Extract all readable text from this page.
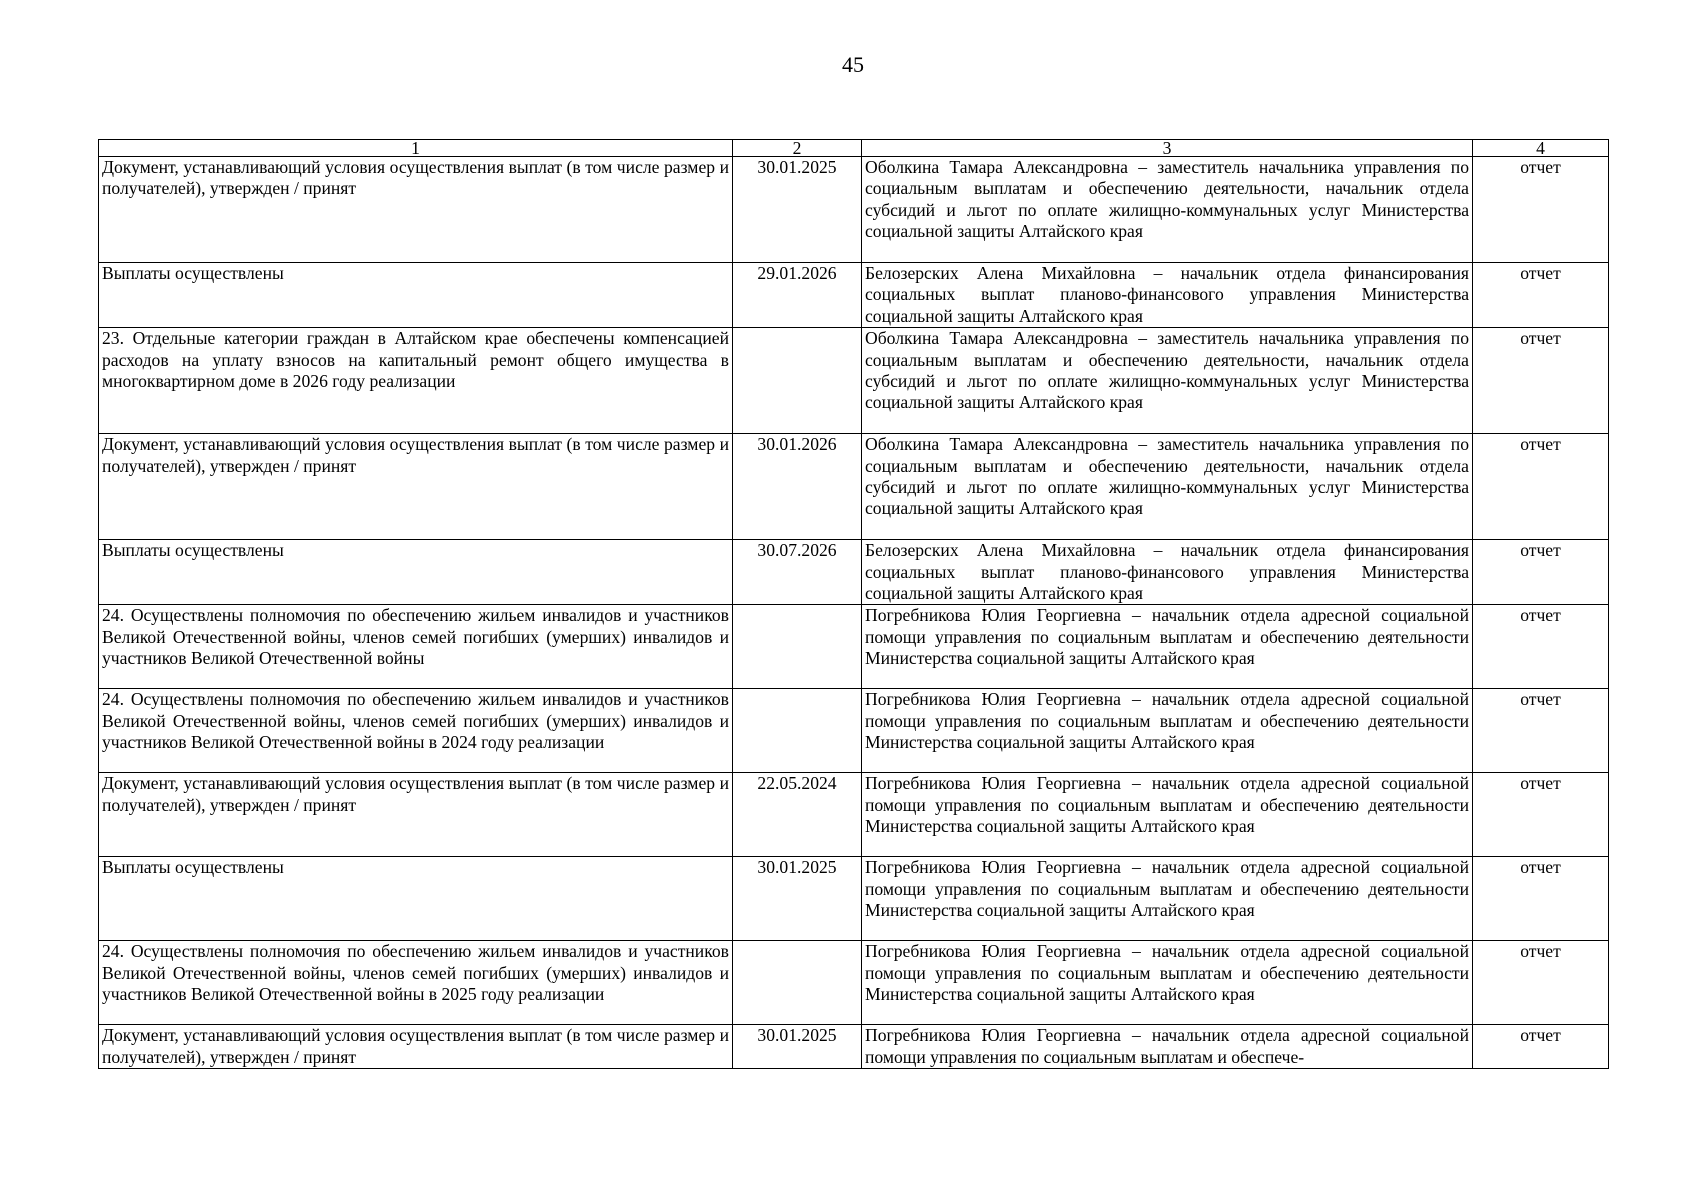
45
1	2	3	4
Документ, устанавливающий условия осуществления выплат (в том числе размер и получателей), утвержден / принят	30.01.2025	Оболкина Тамара Александровна – заместитель начальника управления по социальным выплатам и обеспечению деятельности, начальник отдела субсидий и льгот по оплате жилищно-коммунальных услуг Министерства социальной защиты Алтайского края	отчет
Выплаты осуществлены	29.01.2026	Белозерских Алена Михайловна – начальник отдела финансирования социальных выплат планово-финансового управления Министерства социальной защиты Алтайского края	отчет
23. Отдельные категории граждан в Алтайском крае обеспечены компенсацией расходов на уплату взносов на капитальный ремонт общего имущества в многоквартирном доме в 2026 году реализации		Оболкина Тамара Александровна – заместитель начальника управления по социальным выплатам и обеспечению деятельности, начальник отдела субсидий и льгот по оплате жилищно-коммунальных услуг Министерства социальной защиты Алтайского края	отчет
Документ, устанавливающий условия осуществления выплат (в том числе размер и получателей), утвержден / принят	30.01.2026	Оболкина Тамара Александровна – заместитель начальника управления по социальным выплатам и обеспечению деятельности, начальник отдела субсидий и льгот по оплате жилищно-коммунальных услуг Министерства социальной защиты Алтайского края	отчет
Выплаты осуществлены	30.07.2026	Белозерских Алена Михайловна – начальник отдела финансирования социальных выплат планово-финансового управления Министерства социальной защиты Алтайского края	отчет
24. Осуществлены полномочия по обеспечению жильем инвалидов и участников Великой Отечественной войны, членов семей погибших (умерших) инвалидов и участников Великой Отечественной войны		Погребникова Юлия Георгиевна – начальник отдела адресной социальной помощи управления по социальным выплатам и обеспечению деятельности Министерства социальной защиты Алтайского края	отчет
24. Осуществлены полномочия по обеспечению жильем инвалидов и участников Великой Отечественной войны, членов семей погибших (умерших) инвалидов и участников Великой Отечественной войны в 2024 году реализации		Погребникова Юлия Георгиевна – начальник отдела адресной социальной помощи управления по социальным выплатам и обеспечению деятельности Министерства социальной защиты Алтайского края	отчет
Документ, устанавливающий условия осуществления выплат (в том числе размер и получателей), утвержден / принят	22.05.2024	Погребникова Юлия Георгиевна – начальник отдела адресной социальной помощи управления по социальным выплатам и обеспечению деятельности Министерства социальной защиты Алтайского края	отчет
Выплаты осуществлены	30.01.2025	Погребникова Юлия Георгиевна – начальник отдела адресной социальной помощи управления по социальным выплатам и обеспечению деятельности Министерства социальной защиты Алтайского края	отчет
24. Осуществлены полномочия по обеспечению жильем инвалидов и участников Великой Отечественной войны, членов семей погибших (умерших) инвалидов и участников Великой Отечественной войны в 2025 году реализации		Погребникова Юлия Георгиевна – начальник отдела адресной социальной помощи управления по социальным выплатам и обеспечению деятельности Министерства социальной защиты Алтайского края	отчет
Документ, устанавливающий условия осуществления выплат (в том числе размер и получателей), утвержден / принят	30.01.2025	Погребникова Юлия Георгиевна – начальник отдела адресной социальной помощи управления по социальным выплатам и обеспече-	отчет
